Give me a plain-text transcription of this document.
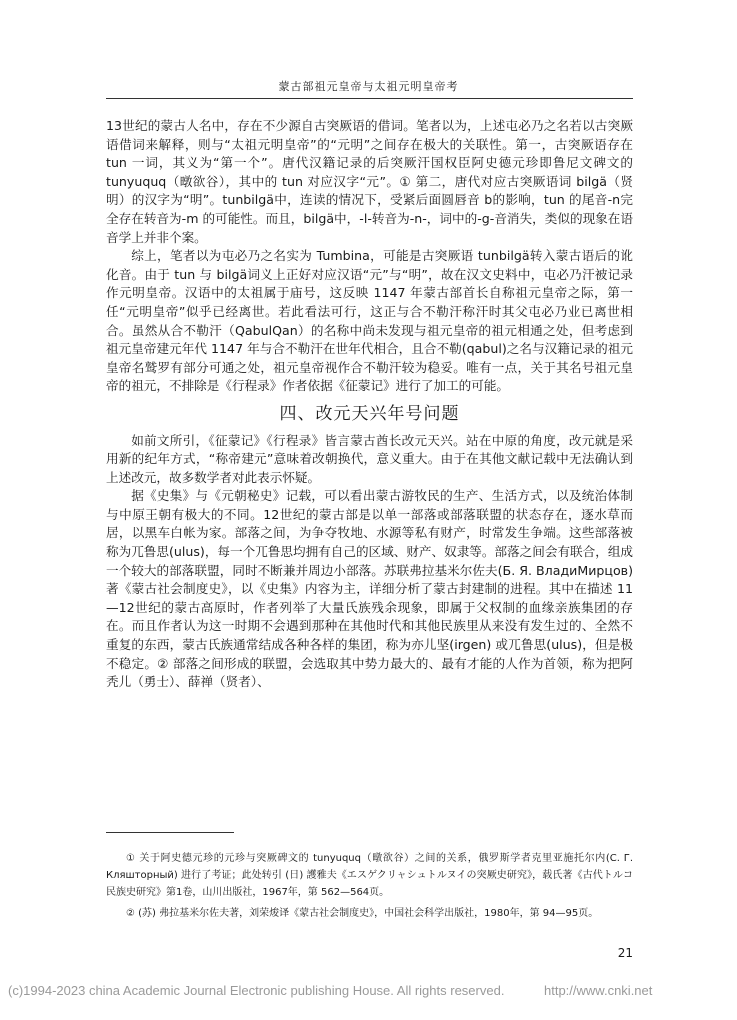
蒙古部祖元皇帝与太祖元明皇帝考

13世纪的蒙古人名中，存在不少源自古突厥语的借词。笔者以为，上述屯必乃之名若以古突厥语借词来解释，则与“太祖元明皇帝”的“元明”之间存在极大的关联性。第一，古突厥语存在 tun 一词，其义为“第一个”。唐代汉籍记录的后突厥汗国权臣阿史德元珍即鲁尼文碑文的 tunyuquq（暾欲谷），其中的 tun 对应汉字“元”。① 第二，唐代对应古突厥语词 bilgä（贤明）的汉字为“明”。tunbilgä中，连读的情况下，受紧后面圆唇音 b的影响，tun 的尾音-n完全存在转音为-m 的可能性。而且，bilgä中，-l-转音为-n-，词中的-g-音消失，类似的现象在语音学上并非个案。

综上，笔者以为屯必乃之名实为 Tumbina，可能是古突厥语 tunbilgä转入蒙古语后的讹化音。由于 tun 与 bilgä词义上正好对应汉语“元”与“明”，故在汉文史料中，屯必乃汗被记录作元明皇帝。汉语中的太祖属于庙号，这反映 1147 年蒙古部首长自称祖元皇帝之际，第一任“元明皇帝”似乎已经离世。若此看法可行，这正与合不勒汗称汗时其父屯必乃业已离世相合。虽然从合不勒汗（QabulQan）的名称中尚未发现与祖元皇帝的祖元相通之处，但考虑到祖元皇帝建元年代 1147 年与合不勒汗在世年代相合，且合不勒(qabul)之名与汉籍记录的祖元皇帝名鹫罗有部分可通之处，祖元皇帝视作合不勒汗较为稳妥。唯有一点，关于其名号祖元皇帝的祖元，不排除是《行程录》作者依据《征蒙记》进行了加工的可能。

四、改元天兴年号问题

如前文所引，《征蒙记》《行程录》皆言蒙古酋长改元天兴。站在中原的角度，改元就是采用新的纪年方式，“称帝建元”意味着改朝换代，意义重大。由于在其他文献记载中无法确认到上述改元，故多数学者对此表示怀疑。

据《史集》与《元朝秘史》记载，可以看出蒙古游牧民的生产、生活方式，以及统治体制与中原王朝有极大的不同。12世纪的蒙古部是以单一部落或部落联盟的状态存在，逐水草而居，以黑车白帐为家。部落之间，为争夺牧地、水源等私有财产，时常发生争端。这些部落被称为兀鲁思(ulus)，每一个兀鲁思均拥有自己的区域、财产、奴隶等。部落之间会有联合，组成一个较大的部落联盟，同时不断兼并周边小部落。苏联弗拉基米尔佐夫(Б. Я. ВладиМирцов) 著《蒙古社会制度史》，以《史集》内容为主，详细分析了蒙古封建制的进程。其中在描述 11—12世纪的蒙古高原时，作者列举了大量氏族残余现象，即属于父权制的血缘亲族集团的存在。而且作者认为这一时期不会遇到那种在其他时代和其他民族里从来没有发生过的、全然不重复的东西，蒙古氏族通常结成各种各样的集团，称为亦儿坚(irgen) 或兀鲁思(ulus)，但是极不稳定。② 部落之间形成的联盟，会选取其中势力最大的、最有才能的人作为首领，称为把阿秃儿（勇士）、薛禅（贤者）、

① 关于阿史德元珍的元珍与突厥碑文的 tunyuquq（暾欲谷）之间的关系，俄罗斯学者克里亚施托尔内(С. Г. Кляшторный) 进行了考证；此处转引 (日) 護雅夫《エスゲクリャシュトルヌイの突厥史研究》，载氏著《古代トルコ民族史研究》第1卷，山川出版社，1967年，第 562—564页。

② (苏) 弗拉基米尔佐夫著，刘荣焌译《蒙古社会制度史》，中国社会科学出版社，1980年，第 94—95页。

21
(c)1994-2023 china Academic Journal Electronic publishing House. All rights reserved.	http://www.cnki.net
